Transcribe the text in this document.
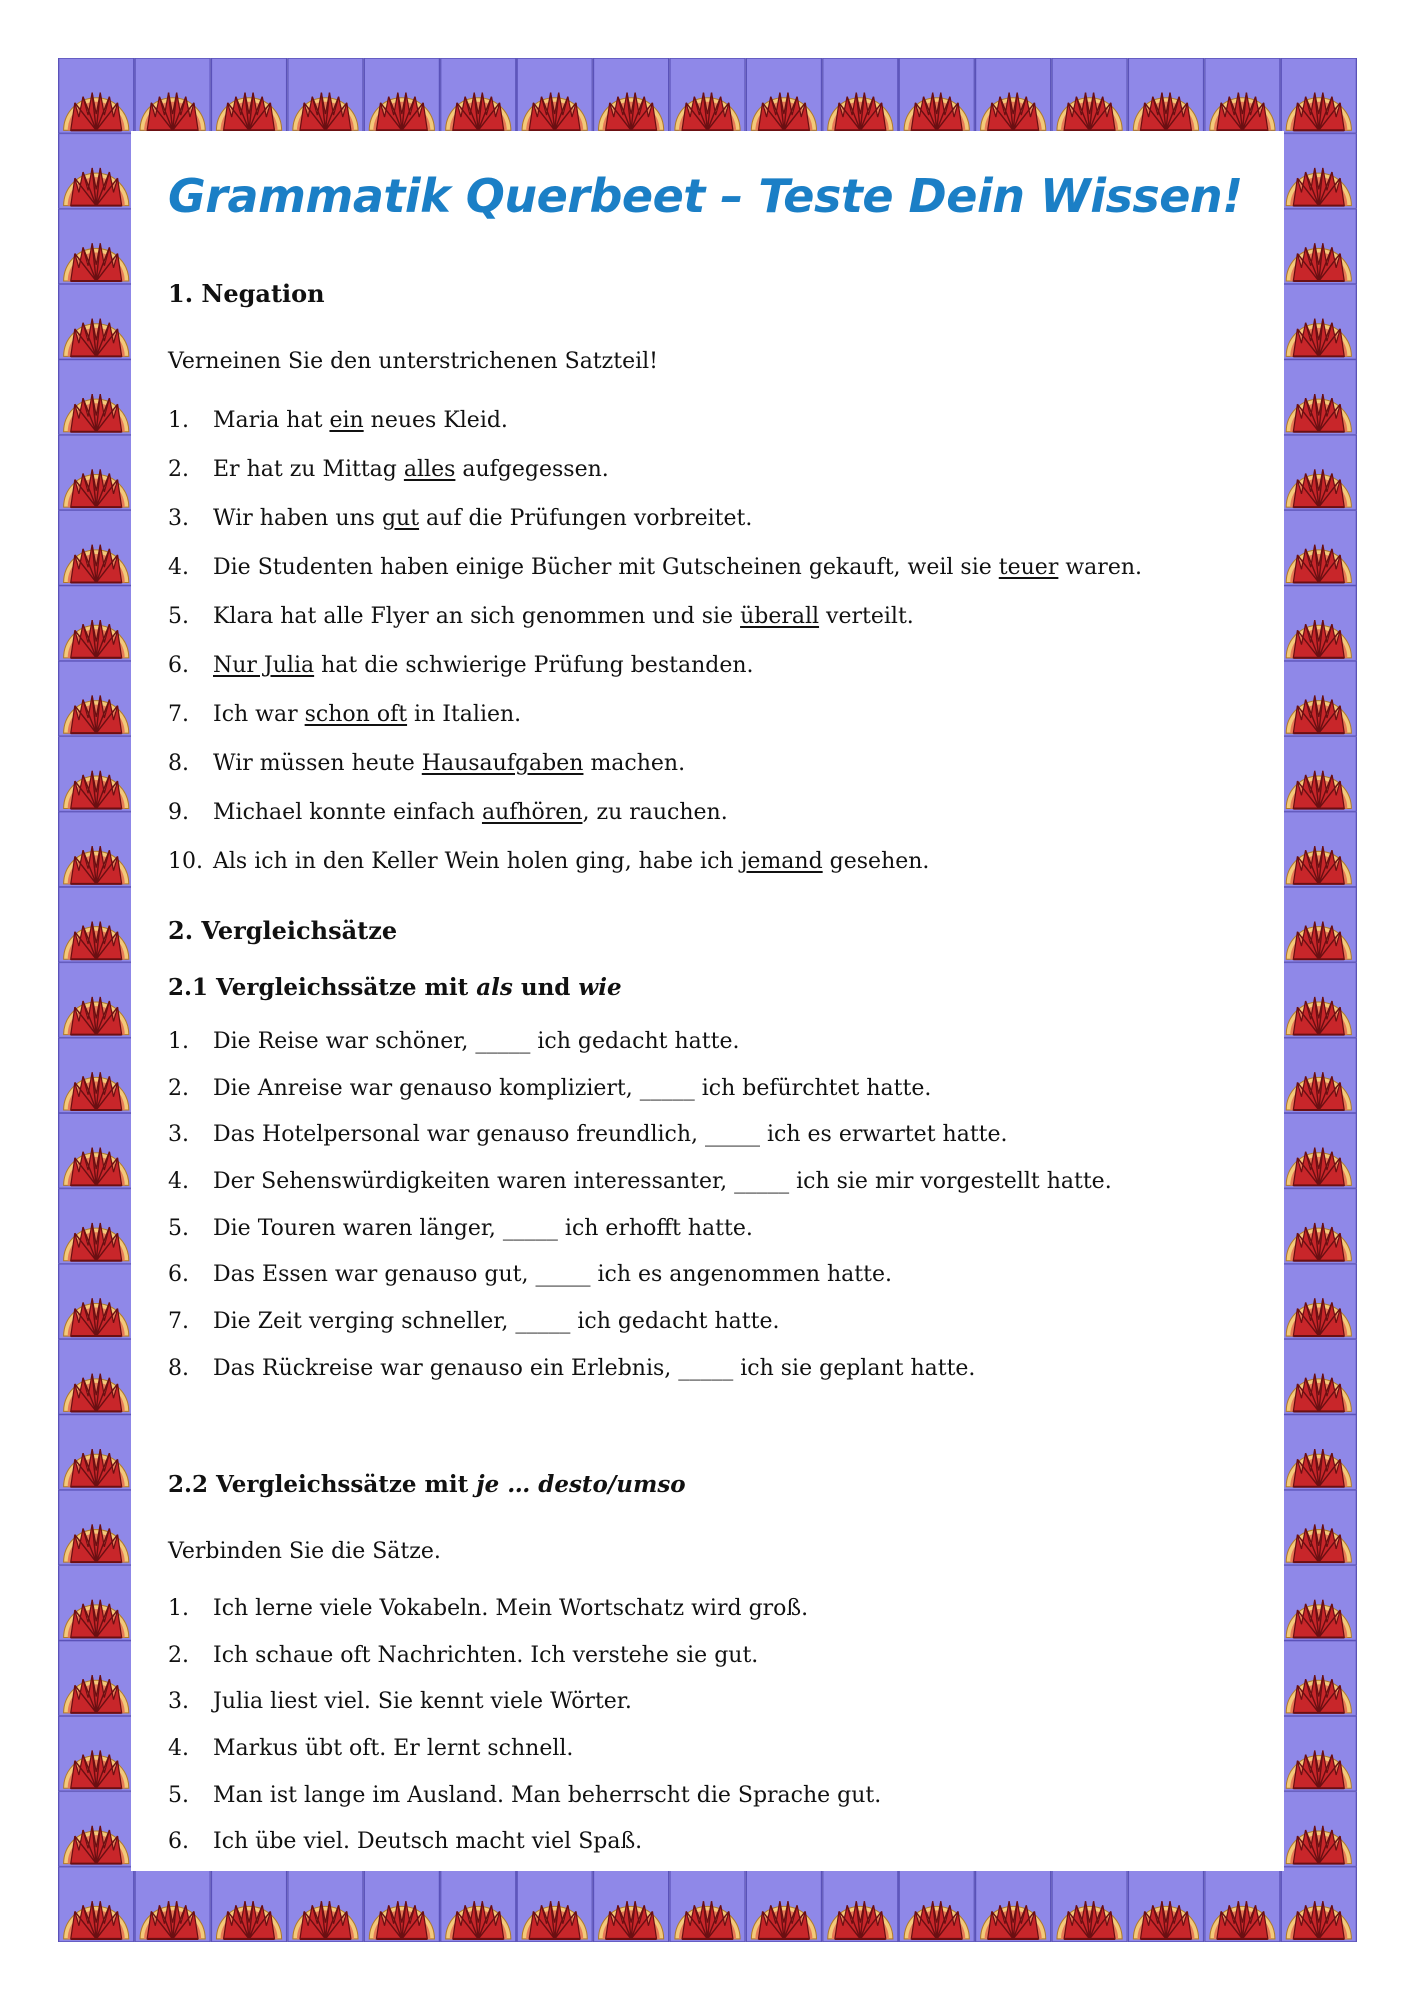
Grammatik Querbeet – Teste Dein Wissen!
1. Negation

Verneinen Sie den unterstrichenen Satzteil!

1.	Maria hat ein neues Kleid.
2.	Er hat zu Mittag alles aufgegessen.
3.	Wir haben uns gut auf die Prüfungen vorbreitet.
4.	Die Studenten haben einige Bücher mit Gutscheinen gekauft, weil sie teuer waren.
5.	Klara hat alle Flyer an sich genommen und sie überall verteilt.
6.	Nur Julia hat die schwierige Prüfung bestanden.
7.	Ich war schon oft in Italien.
8.	Wir müssen heute Hausaufgaben machen.
9.	Michael konnte einfach aufhören, zu rauchen.
10. Als ich in den Keller Wein holen ging, habe ich jemand gesehen.
2. Vergleichsätze
2.1 Vergleichssätze mit als und wie
1.	Die Reise war schöner, _____ ich gedacht hatte.
2.	Die Anreise war genauso kompliziert, _____ ich befürchtet hatte.
3.	Das Hotelpersonal war genauso freundlich, _____ ich es erwartet hatte.
4.	Der Sehenswürdigkeiten waren interessanter, _____ ich sie mir vorgestellt hatte.
5.	Die Touren waren länger, _____ ich erhofft hatte.
6.	Das Essen war genauso gut, _____ ich es angenommen hatte.
7.	Die Zeit verging schneller, _____ ich gedacht hatte.
8.	Das Rückreise war genauso ein Erlebnis, _____ ich sie geplant hatte.
2.2 Vergleichssätze mit je … desto/umso

Verbinden Sie die Sätze.

1.	Ich lerne viele Vokabeln. Mein Wortschatz wird groß.
2.	Ich schaue oft Nachrichten. Ich verstehe sie gut.
3.	Julia liest viel. Sie kennt viele Wörter.
4.	Markus übt oft. Er lernt schnell.
5.	Man ist lange im Ausland. Man beherrscht die Sprache gut.
6.	Ich übe viel. Deutsch macht viel Spaß.
